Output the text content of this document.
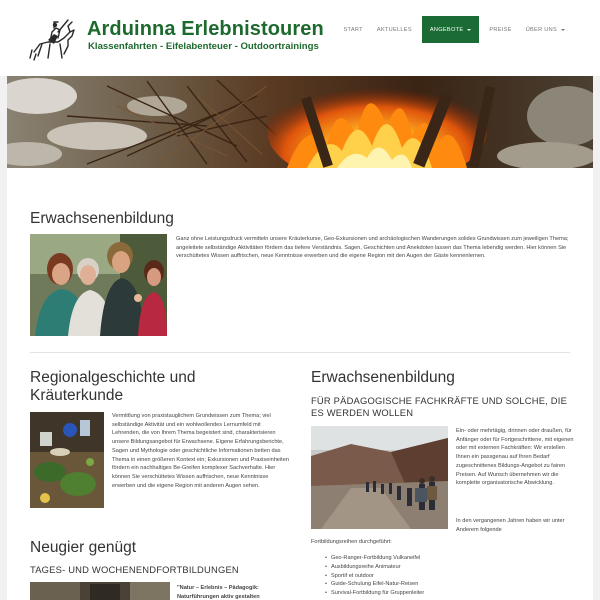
Arduinna Erlebnistouren
Klassenfahrten - Eifelabenteuer - Outdoortrainings
START	AKTUELLES	ANGEBOTE	PREISE	ÜBER UNS
Erwachsenenbildung
Ganz ohne Leistungsdruck vermitteln unsere Kräuterkurse, Geo-Exkursionen und archäologischen Wanderungen solides Grundwissen zum jeweiligen Thema; angeleitete selbständige Aktivitäten fördern das tiefere Verständnis. Sagen, Geschichten und Anekdoten lassen das Thema lebendig werden. Hier können Sie verschüttetes Wissen auffrischen, neue Kenntnisse erwerben und die eigene Region mit den Augen der Gäste kennenlernen.
Regionalgeschichte und
Kräuterkunde
Vermittlung von praxistauglichem Grundwissen zum Thema; viel selbständige Aktivität und ein wohlwollendes Lernumfeld mit Lehrenden, die von Ihrem Thema begeistert sind, charakterisieren unsere Bildungsangebot für Erwachsene. Eigene Erfahrungsberichte, Sagen und Mythologie oder geschichtliche Informationen betten das Thema in einen größeren Kontext ein; Exkursionen und Praxiseinheiten fördern ein nachhaltiges Be-Greifen komplexer Sachverhalte. Hier können Sie verschüttetes Wissen auffrischen, neue Kenntnisse erwerben und die eigene Region mit anderen Augen sehen.
Erwachsenenbildung
FÜR PÄDAGOGISCHE FACHKRÄFTE UND SOLCHE, DIE ES WERDEN WOLLEN
Ein- oder mehrtägig, drinnen oder draußen, für Anfänger oder für Fortgeschrittene, mit eigenen oder mit externen Fachkräften: Wir erstellen Ihnen ein passgenau auf Ihren Bedarf zugeschnittenes Bildungs-Angebot zu fairen Preisen. Auf Wunsch übernehmen wir die komplette organisatorische Abwicklung.
In den vergangenen Jahren haben wir unter Anderem folgende
Fortbildungsreihen durchgeführt:
• Geo-Ranger-Fortbildung Vulkaneifel
• Ausbildungsreihe Animateur
• Sportif et outdoor
• Guide-Schulung Eifel-Natur-Reisen
• Survival-Fortbildung für Gruppenleiter
Neugier genügt
TAGES- UND WOCHENENDFORTBILDUNGEN
"Natur – Erlebnis – Pädagogik:
Naturführungen aktiv gestalten
